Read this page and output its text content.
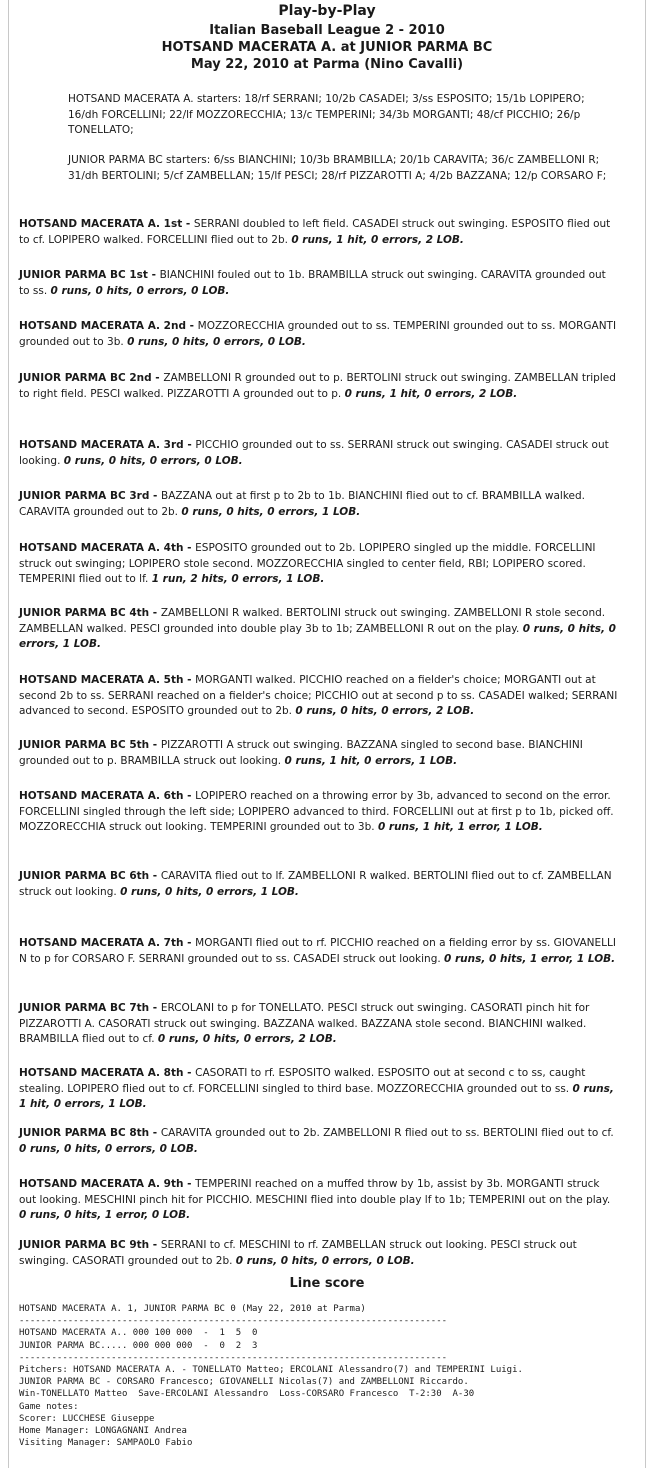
Play-by-Play
Italian Baseball League 2 - 2010
HOTSAND MACERATA A. at JUNIOR PARMA BC
May 22, 2010 at Parma (Nino Cavalli)
HOTSAND MACERATA A. starters: 18/rf SERRANI; 10/2b CASADEI; 3/ss ESPOSITO; 15/1b LOPIPERO; 16/dh FORCELLINI; 22/lf MOZZORECCHIA; 13/c TEMPERINI; 34/3b MORGANTI; 48/cf PICCHIO; 26/p TONELLATO;
JUNIOR PARMA BC starters: 6/ss BIANCHINI; 10/3b BRAMBILLA; 20/1b CARAVITA; 36/c ZAMBELLONI R; 31/dh BERTOLINI; 5/cf ZAMBELLAN; 15/lf PESCI; 28/rf PIZZAROTTI A; 4/2b BAZZANA; 12/p CORSARO F;
HOTSAND MACERATA A. 1st - SERRANI doubled to left field. CASADEI struck out swinging. ESPOSITO flied out to cf. LOPIPERO walked. FORCELLINI flied out to 2b. 0 runs, 1 hit, 0 errors, 2 LOB.
JUNIOR PARMA BC 1st - BIANCHINI fouled out to 1b. BRAMBILLA struck out swinging. CARAVITA grounded out to ss. 0 runs, 0 hits, 0 errors, 0 LOB.
HOTSAND MACERATA A. 2nd - MOZZORECCHIA grounded out to ss. TEMPERINI grounded out to ss. MORGANTI grounded out to 3b. 0 runs, 0 hits, 0 errors, 0 LOB.
JUNIOR PARMA BC 2nd - ZAMBELLONI R grounded out to p. BERTOLINI struck out swinging. ZAMBELLAN tripled to right field. PESCI walked. PIZZAROTTI A grounded out to p. 0 runs, 1 hit, 0 errors, 2 LOB.
HOTSAND MACERATA A. 3rd - PICCHIO grounded out to ss. SERRANI struck out swinging. CASADEI struck out looking. 0 runs, 0 hits, 0 errors, 0 LOB.
JUNIOR PARMA BC 3rd - BAZZANA out at first p to 2b to 1b. BIANCHINI flied out to cf. BRAMBILLA walked. CARAVITA grounded out to 2b. 0 runs, 0 hits, 0 errors, 1 LOB.
HOTSAND MACERATA A. 4th - ESPOSITO grounded out to 2b. LOPIPERO singled up the middle. FORCELLINI struck out swinging; LOPIPERO stole second. MOZZORECCHIA singled to center field, RBI; LOPIPERO scored. TEMPERINI flied out to lf. 1 run, 2 hits, 0 errors, 1 LOB.
JUNIOR PARMA BC 4th - ZAMBELLONI R walked. BERTOLINI struck out swinging. ZAMBELLONI R stole second. ZAMBELLAN walked. PESCI grounded into double play 3b to 1b; ZAMBELLONI R out on the play. 0 runs, 0 hits, 0 errors, 1 LOB.
HOTSAND MACERATA A. 5th - MORGANTI walked. PICCHIO reached on a fielder's choice; MORGANTI out at second 2b to ss. SERRANI reached on a fielder's choice; PICCHIO out at second p to ss. CASADEI walked; SERRANI advanced to second. ESPOSITO grounded out to 2b. 0 runs, 0 hits, 0 errors, 2 LOB.
JUNIOR PARMA BC 5th - PIZZAROTTI A struck out swinging. BAZZANA singled to second base. BIANCHINI grounded out to p. BRAMBILLA struck out looking. 0 runs, 1 hit, 0 errors, 1 LOB.
HOTSAND MACERATA A. 6th - LOPIPERO reached on a throwing error by 3b, advanced to second on the error. FORCELLINI singled through the left side; LOPIPERO advanced to third. FORCELLINI out at first p to 1b, picked off. MOZZORECCHIA struck out looking. TEMPERINI grounded out to 3b. 0 runs, 1 hit, 1 error, 1 LOB.
JUNIOR PARMA BC 6th - CARAVITA flied out to lf. ZAMBELLONI R walked. BERTOLINI flied out to cf. ZAMBELLAN struck out looking. 0 runs, 0 hits, 0 errors, 1 LOB.
HOTSAND MACERATA A. 7th - MORGANTI flied out to rf. PICCHIO reached on a fielding error by ss. GIOVANELLI N to p for CORSARO F. SERRANI grounded out to ss. CASADEI struck out looking. 0 runs, 0 hits, 1 error, 1 LOB.
JUNIOR PARMA BC 7th - ERCOLANI to p for TONELLATO. PESCI struck out swinging. CASORATI pinch hit for PIZZAROTTI A. CASORATI struck out swinging. BAZZANA walked. BAZZANA stole second. BIANCHINI walked. BRAMBILLA flied out to cf. 0 runs, 0 hits, 0 errors, 2 LOB.
HOTSAND MACERATA A. 8th - CASORATI to rf. ESPOSITO walked. ESPOSITO out at second c to ss, caught stealing. LOPIPERO flied out to cf. FORCELLINI singled to third base. MOZZORECCHIA grounded out to ss. 0 runs, 1 hit, 0 errors, 1 LOB.
JUNIOR PARMA BC 8th - CARAVITA grounded out to 2b. ZAMBELLONI R flied out to ss. BERTOLINI flied out to cf. 0 runs, 0 hits, 0 errors, 0 LOB.
HOTSAND MACERATA A. 9th - TEMPERINI reached on a muffed throw by 1b, assist by 3b. MORGANTI struck out looking. MESCHINI pinch hit for PICCHIO. MESCHINI flied into double play lf to 1b; TEMPERINI out on the play. 0 runs, 0 hits, 1 error, 0 LOB.
JUNIOR PARMA BC 9th - SERRANI to cf. MESCHINI to rf. ZAMBELLAN struck out looking. PESCI struck out swinging. CASORATI grounded out to 2b. 0 runs, 0 hits, 0 errors, 0 LOB.
Line score
HOTSAND MACERATA A. 1, JUNIOR PARMA BC 0 (May 22, 2010 at Parma)
-------------------------------------------------------------------------------
HOTSAND MACERATA A.. 000 100 000  -  1  5  0
JUNIOR PARMA BC..... 000 000 000  -  0  2  3
-------------------------------------------------------------------------------
Pitchers: HOTSAND MACERATA A. - TONELLATO Matteo; ERCOLANI Alessandro(7) and TEMPERINI Luigi.
JUNIOR PARMA BC - CORSARO Francesco; GIOVANELLI Nicolas(7) and ZAMBELLONI Riccardo.
Win-TONELLATO Matteo  Save-ERCOLANI Alessandro  Loss-CORSARO Francesco  T-2:30  A-30
Game notes:
Scorer: LUCCHESE Giuseppe
Home Manager: LONGAGNANI Andrea
Visiting Manager: SAMPAOLO Fabio
